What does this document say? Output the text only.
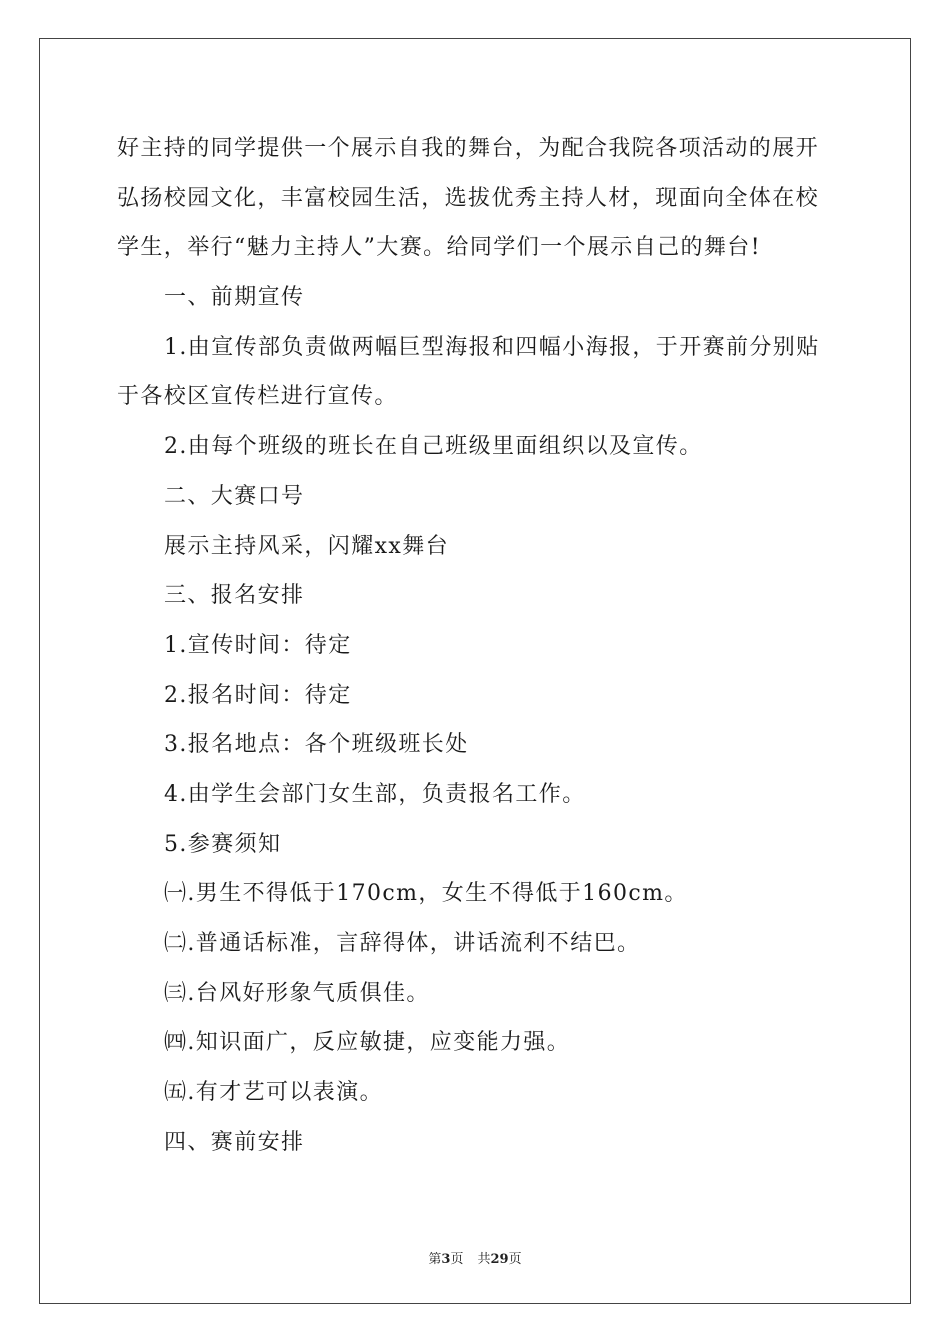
好主持的同学提供一个展示自我的舞台，为配合我院各项活动的展开
弘扬校园文化，丰富校园生活，选拔优秀主持人材，现面向全体在校
学生，举行“魅力主持人”大赛。给同学们一个展示自己的舞台!
一、前期宣传
1.由宣传部负责做两幅巨型海报和四幅小海报，于开赛前分别贴
于各校区宣传栏进行宣传。
2.由每个班级的班长在自己班级里面组织以及宣传。
二、大赛口号
展示主持风采，闪耀xx舞台
三、报名安排
1.宣传时间：待定
2.报名时间：待定
3.报名地点：各个班级班长处
4.由学生会部门女生部，负责报名工作。
5.参赛须知
㈠.男生不得低于170cm，女生不得低于160cm。
㈡.普通话标准，言辞得体，讲话流利不结巴。
㈢.台风好形象气质俱佳。
㈣.知识面广，反应敏捷，应变能力强。
㈤.有才艺可以表演。
四、赛前安排
第3页 共29页
